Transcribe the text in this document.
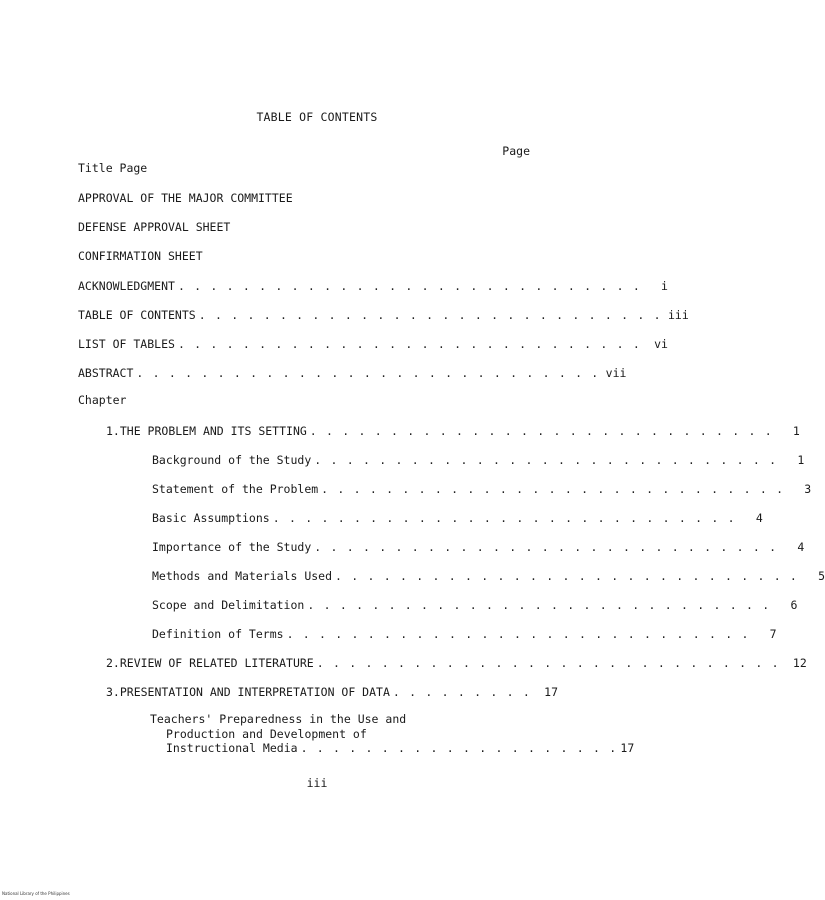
TABLE OF CONTENTS
Page
Title Page
APPROVAL OF THE MAJOR COMMITTEE
DEFENSE APPROVAL SHEET
CONFIRMATION SHEET
ACKNOWLEDGMENT . . . . . . . . . . . . . . . . . . . . . . . . . . . . .	i
TABLE OF CONTENTS . . . . . . . . . . . . . . . . . . . . . . . . . . . . . iii
LIST OF TABLES . . . . . . . . . . . . . . . . . . . . . . . . . . . . .	vi
ABSTRACT . . . . . . . . . . . . . . . . . . . . . . . . . . . . . vii
Chapter
1. THE PROBLEM AND ITS SETTING . . . . . . . . . . . . . . . . . . . . . . . . . . . . .	1
Background of the Study . . . . . . . . . . . . . . . . . . . . . . . . . . . . .	1
Statement of the Problem . . . . . . . . . . . . . . . . . . . . . . . . . . . . .	3
Basic Assumptions . . . . . . . . . . . . . . . . . . . . . . . . . . . . .	4
Importance of the Study . . . . . . . . . . . . . . . . . . . . . . . . . . . . .	4
Methods and Materials Used . . . . . . . . . . . . . . . . . . . . . . . . . . . . .	5
Scope and Delimitation . . . . . . . . . . . . . . . . . . . . . . . . . . . . .	6
Definition of Terms . . . . . . . . . . . . . . . . . . . . . . . . . . . . .	7
2. REVIEW OF RELATED LITERATURE . . . . . . . . . . . . . . . . . . . . . . . . . . . . .	12
3. PRESENTATION AND INTERPRETATION OF DATA . . . . . . . . .	17
Teachers' Preparedness in the Use and
Production and Development of
Instructional Media . . . . . . . . . . . . . . . . . . . . 17
iii
National Library of the Philippines
